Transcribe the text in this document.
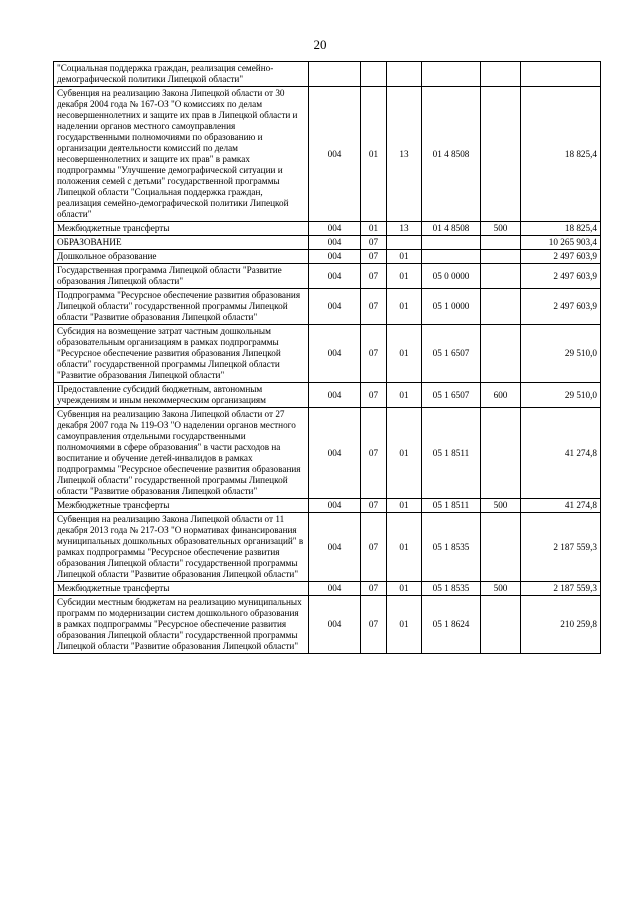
20
"Социальная поддержка граждан, реализация семейно-демографической политики Липецкой области"						
Субвенция на реализацию Закона Липецкой области от 30 декабря 2004 года № 167-ОЗ "О комиссиях по делам несовершеннолетних и защите их прав в Липецкой области и наделении органов местного самоуправления государственными полномочиями по образованию и организации деятельности комиссий по делам несовершеннолетних и защите их прав" в рамках подпрограммы "Улучшение демографической ситуации и положения семей с детьми" государственной программы Липецкой области "Социальная поддержка граждан, реализация семейно-демографической политики Липецкой области"	004	01	13	01 4 8508		18 825,4
Межбюджетные трансферты	004	01	13	01 4 8508	500	18 825,4
ОБРАЗОВАНИЕ	004	07				10 265 903,4
Дошкольное образование	004	07	01			2 497 603,9
Государственная программа Липецкой области "Развитие образования Липецкой области"	004	07	01	05 0 0000		2 497 603,9
Подпрограмма "Ресурсное обеспечение развития образования Липецкой области" государственной программы Липецкой области "Развитие образования Липецкой области"	004	07	01	05 1 0000		2 497 603,9
Субсидия на возмещение затрат частным дошкольным образовательным организациям в рамках подпрограммы "Ресурсное обеспечение развития образования Липецкой области" государственной программы Липецкой области "Развитие образования Липецкой области"	004	07	01	05 1 6507		29 510,0
Предоставление субсидий бюджетным, автономным учреждениям и иным некоммерческим организациям	004	07	01	05 1 6507	600	29 510,0
Субвенция на реализацию Закона Липецкой области от 27 декабря 2007 года № 119-ОЗ "О наделении органов местного самоуправления отдельными государственными полномочиями в сфере образования" в части расходов на воспитание и обучение детей-инвалидов в рамках подпрограммы "Ресурсное обеспечение развития образования Липецкой области" государственной программы Липецкой области "Развитие образования Липецкой области"	004	07	01	05 1 8511		41 274,8
Межбюджетные трансферты	004	07	01	05 1 8511	500	41 274,8
Субвенция на реализацию Закона Липецкой области от 11 декабря 2013 года № 217-ОЗ "О нормативах финансирования муниципальных дошкольных образовательных организаций" в рамках подпрограммы "Ресурсное обеспечение развития образования Липецкой области" государственной программы Липецкой области "Развитие образования Липецкой области"	004	07	01	05 1 8535		2 187 559,3
Межбюджетные трансферты	004	07	01	05 1 8535	500	2 187 559,3
Субсидии местным бюджетам на реализацию муниципальных программ по модернизации систем дошкольного образования в рамках подпрограммы "Ресурсное обеспечение развития образования Липецкой области" государственной программы Липецкой области "Развитие образования Липецкой области"	004	07	01	05 1 8624		210 259,8
